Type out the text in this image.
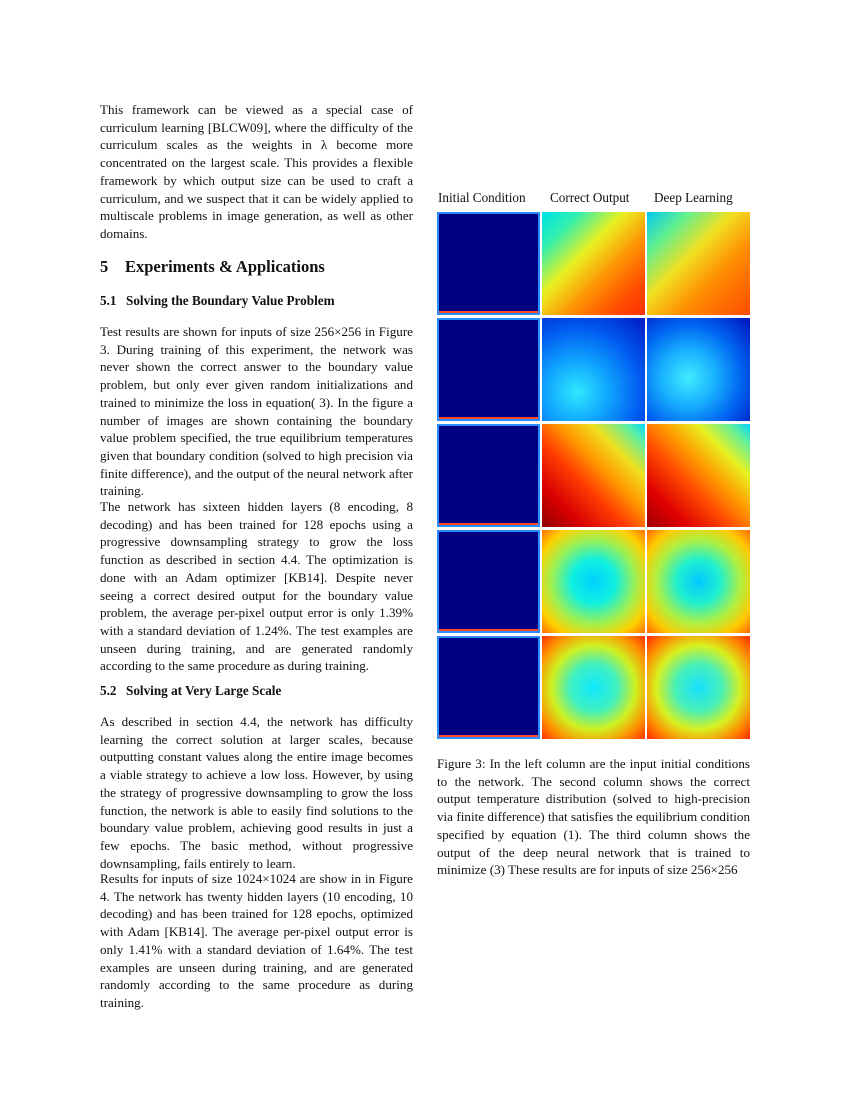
This framework can be viewed as a special case of curriculum learning [BLCW09], where the difficulty of the curriculum scales as the weights in λ become more concentrated on the largest scale. This provides a flexible framework by which output size can be used to craft a curriculum, and we suspect that it can be widely applied to multiscale problems in image generation, as well as other domains.

5 Experiments & Applications
5.1 Solving the Boundary Value Problem

Test results are shown for inputs of size 256×256 in Figure 3. During training of this experiment, the network was never shown the correct answer to the boundary value problem, but only ever given random initializations and trained to minimize the loss in equation( 3). In the figure a number of images are shown containing the boundary value problem specified, the true equilibrium temperatures given that boundary condition (solved to high precision via finite difference), and the output of the neural network after training.

The network has sixteen hidden layers (8 encoding, 8 decoding) and has been trained for 128 epochs using a progressive downsampling strategy to grow the loss function as described in section 4.4. The optimization is done with an Adam optimizer [KB14]. Despite never seeing a correct desired output for the boundary value problem, the average per-pixel output error is only 1.39% with a standard deviation of 1.24%. The test examples are unseen during training, and are generated randomly according to the same procedure as during training.

5.2 Solving at Very Large Scale

As described in section 4.4, the network has difficulty learning the correct solution at larger scales, because outputting constant values along the entire image becomes a viable strategy to achieve a low loss. However, by using the strategy of progressive downsampling to grow the loss function, the network is able to easily find solutions to the boundary value problem, achieving good results in just a few epochs. The basic method, without progressive downsampling, fails entirely to learn.

Results for inputs of size 1024×1024 are show in in Figure 4. The network has twenty hidden layers (10 encoding, 10 decoding) and has been trained for 128 epochs, optimized with Adam [KB14]. The average per-pixel output error is only 1.41% with a standard deviation of 1.64%. The test examples are unseen during training, and are generated randomly according to the same procedure as during training.

Initial Condition Correct Output Deep Learning

Figure 3: In the left column are the input initial conditions to the network. The second column shows the correct output temperature distribution (solved to high-precision via finite difference) that satisfies the equilibrium condition specified by equation (1). The third column shows the output of the deep neural network that is trained to minimize (3) These results are for inputs of size 256×256
